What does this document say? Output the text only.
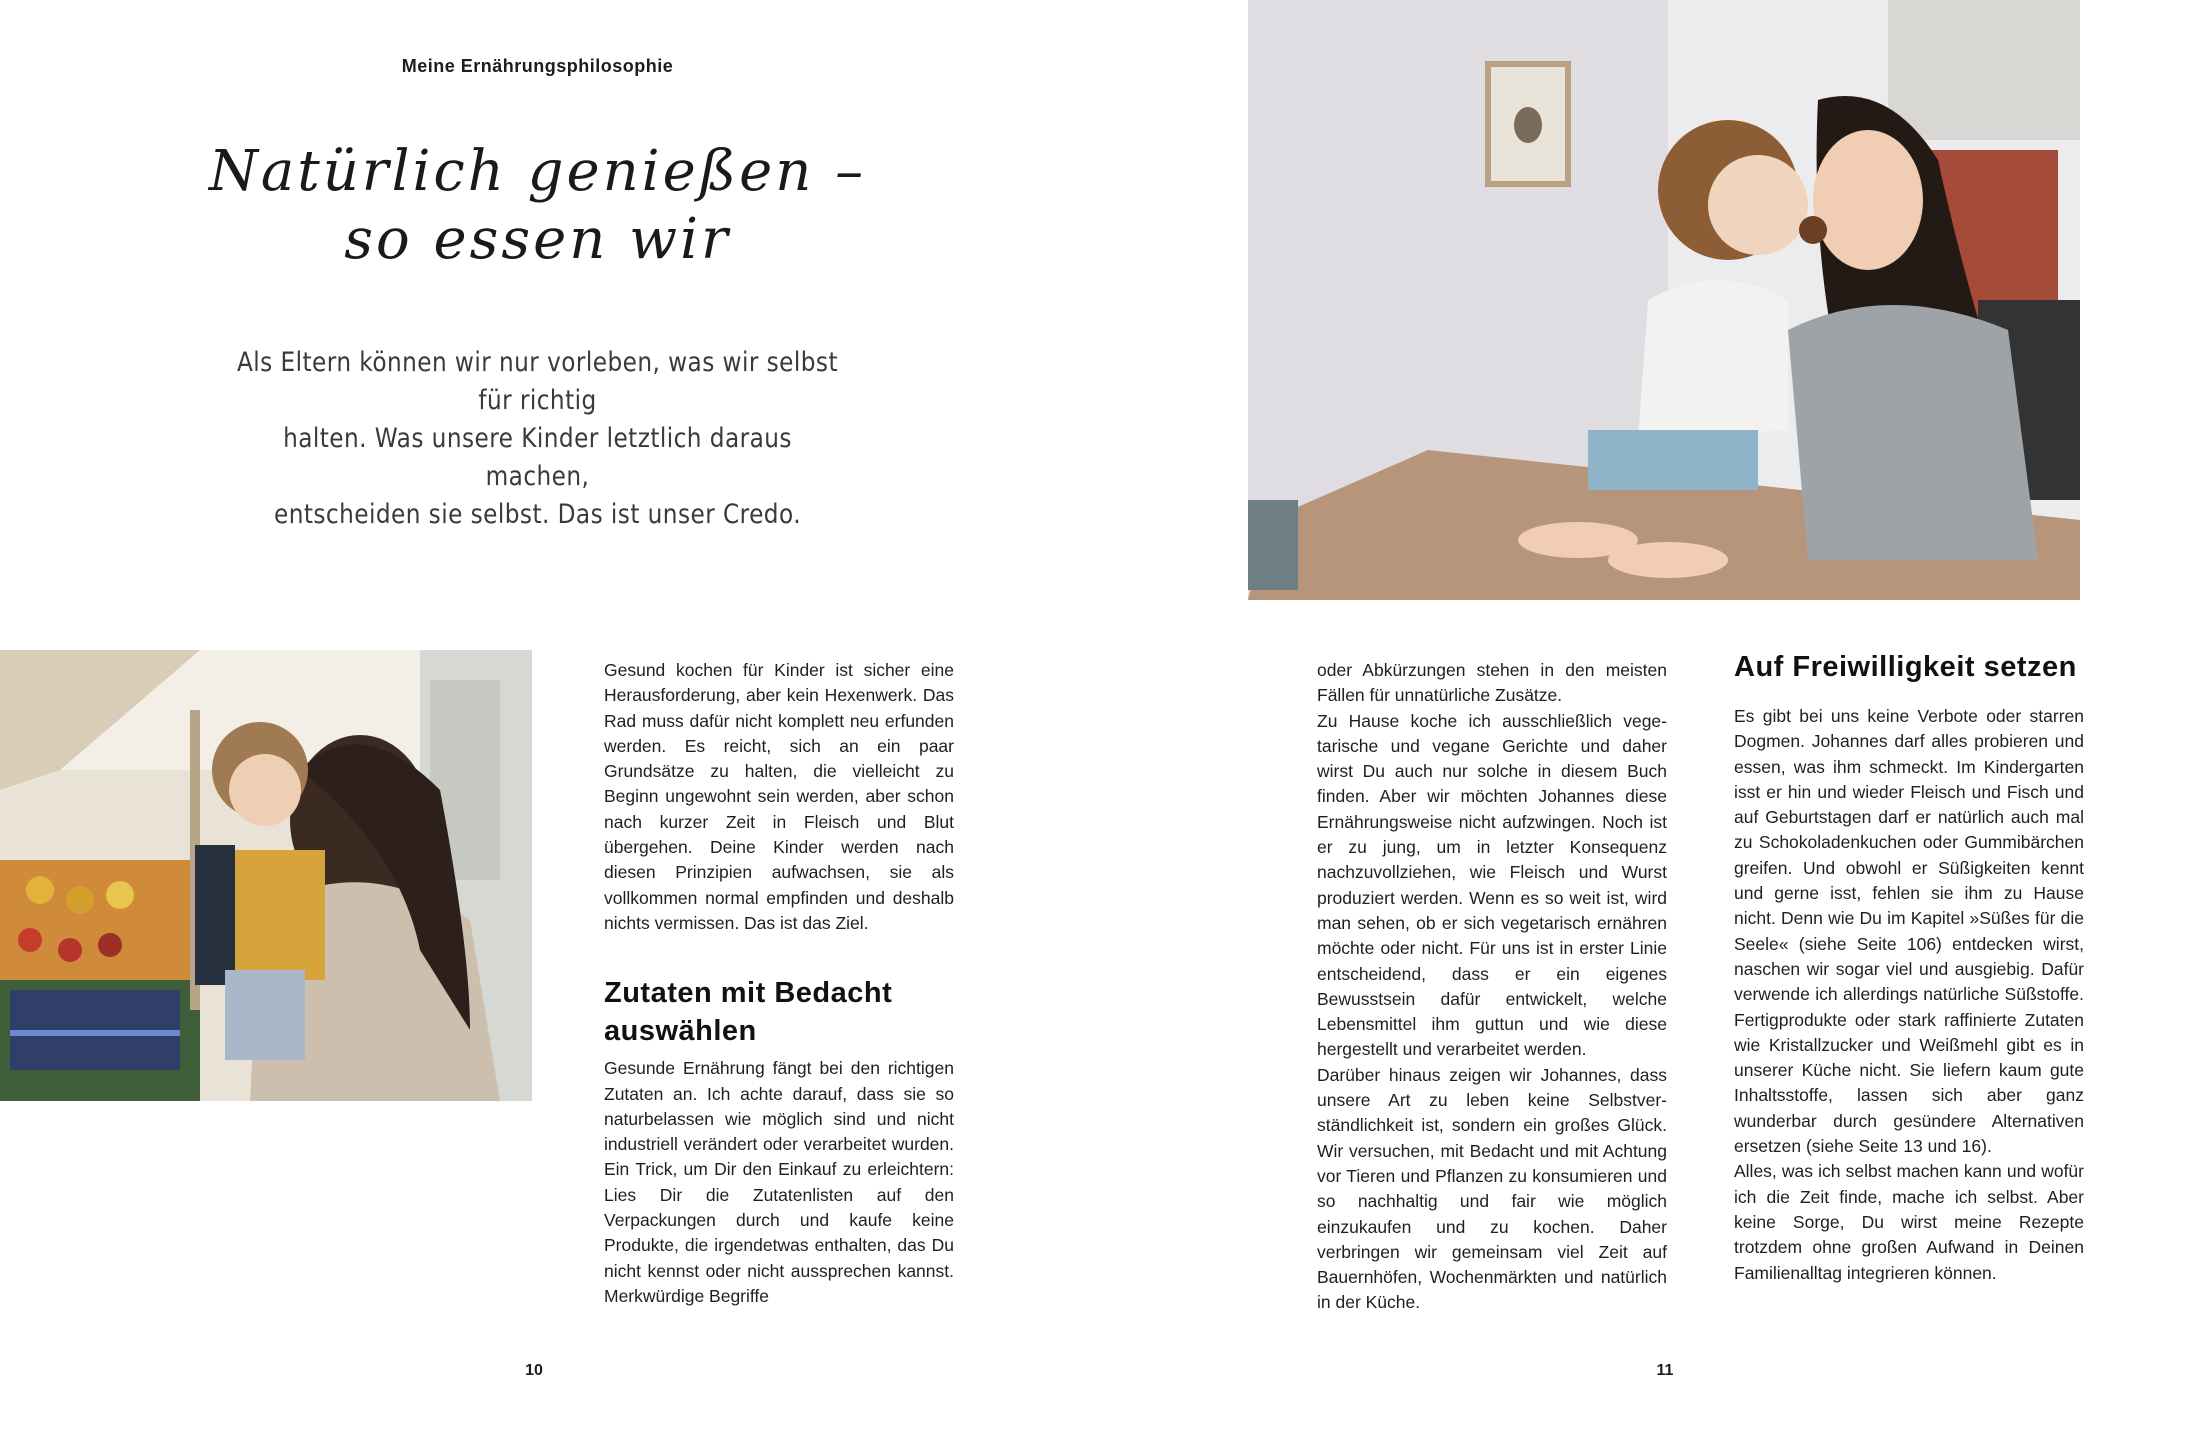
Meine Ernährungsphilosophie
Natürlich genießen –
so essen wir
Als Eltern können wir nur vorleben, was wir selbst für richtig
halten. Was unsere Kinder letztlich daraus machen,
entscheiden sie selbst. Das ist unser Credo.

Gesund kochen für Kinder ist sicher eine Herausforderung, aber kein Hexenwerk. Das Rad muss dafür nicht komplett neu erfunden werden. Es reicht, sich an ein paar Grundsätze zu halten, die vielleicht zu Beginn ungewohnt sein werden, aber schon nach kurzer Zeit in Fleisch und Blut übergehen. Deine Kinder werden nach diesen Prinzipien aufwachsen, sie als vollkommen normal empfinden und deshalb nichts vermissen. Das ist das Ziel.

Zutaten mit Bedacht auswählen

Gesunde Ernährung fängt bei den richtigen Zutaten an. Ich achte darauf, dass sie so naturbelassen wie möglich sind und nicht industriell verändert oder verarbeitet wurden. Ein Trick, um Dir den Einkauf zu erleichtern: Lies Dir die Zutatenlisten auf den Verpackungen durch und kaufe keine Produkte, die irgendetwas enthalten, das Du nicht kennst oder nicht aussprechen kannst. Merkwürdige Begriffe

10

oder Abkürzungen stehen in den meisten Fällen für unnatürliche Zusätze.

Zu Hause koche ich ausschließlich vegetarische und vegane Gerichte und daher wirst Du auch nur solche in diesem Buch finden. Aber wir möchten Johannes diese Ernährungsweise nicht aufzwingen. Noch ist er zu jung, um in letzter Konsequenz nachzuvollziehen, wie Fleisch und Wurst produziert werden. Wenn es so weit ist, wird man sehen, ob er sich vegetarisch ernähren möchte oder nicht. Für uns ist in erster Linie entscheidend, dass er ein eigenes Bewusstsein dafür entwickelt, welche Lebensmittel ihm guttun und wie diese hergestellt und verarbeitet werden.

Darüber hinaus zeigen wir Johannes, dass unsere Art zu leben keine Selbstverständlichkeit ist, sondern ein großes Glück. Wir versuchen, mit Bedacht und mit Achtung vor Tieren und Pflanzen zu konsumieren und so nachhaltig und fair wie möglich einzukaufen und zu kochen. Daher verbringen wir gemeinsam viel Zeit auf Bauernhöfen, Wochenmärkten und natürlich in der Küche.

Auf Freiwilligkeit setzen

Es gibt bei uns keine Verbote oder starren Dogmen. Johannes darf alles probieren und essen, was ihm schmeckt. Im Kindergarten isst er hin und wieder Fleisch und Fisch und auf Geburtstagen darf er natürlich auch mal zu Schokoladenkuchen oder Gummibärchen greifen. Und obwohl er Süßigkeiten kennt und gerne isst, fehlen sie ihm zu Hause nicht. Denn wie Du im Kapitel »Süßes für die Seele« (siehe Seite 106) entdecken wirst, naschen wir sogar viel und ausgiebig. Dafür verwende ich allerdings natürliche Süßstoffe. Fertigprodukte oder stark raffinierte Zutaten wie Kristallzucker und Weißmehl gibt es in unserer Küche nicht. Sie liefern kaum gute Inhaltsstoffe, lassen sich aber ganz wunderbar durch gesündere Alternativen ersetzen (siehe Seite 13 und 16).

Alles, was ich selbst machen kann und wofür ich die Zeit finde, mache ich selbst. Aber keine Sorge, Du wirst meine Rezepte trotzdem ohne großen Aufwand in Deinen Familienalltag integrieren können.

11
